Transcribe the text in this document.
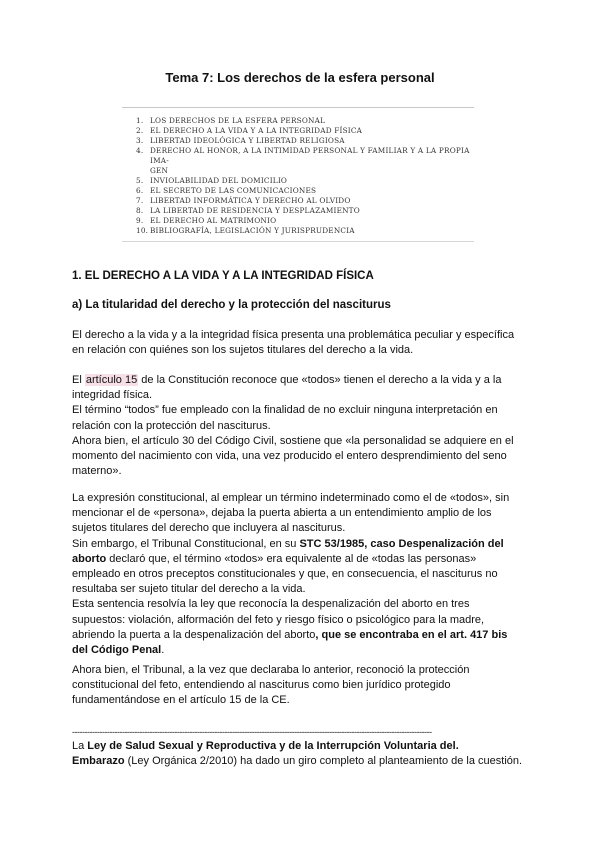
Tema 7: Los derechos de la esfera personal
1. LOS DERECHOS DE LA ESFERA PERSONAL
2. EL DERECHO A LA VIDA Y A LA INTEGRIDAD FÍSICA
3. LIBERTAD IDEOLÓGICA Y LIBERTAD RELIGIOSA
4. DERECHO AL HONOR, A LA INTIMIDAD PERSONAL Y FAMILIAR Y A LA PROPIA IMA-
GEN
5. INVIOLABILIDAD DEL DOMICILIO
6. EL SECRETO DE LAS COMUNICACIONES
7. LIBERTAD INFORMÁTICA Y DERECHO AL OLVIDO
8. LA LIBERTAD DE RESIDENCIA Y DESPLAZAMIENTO
9. EL DERECHO AL MATRIMONIO
10. BIBLIOGRAFÍA, LEGISLACIÓN Y JURISPRUDENCIA
1. EL DERECHO A LA VIDA Y A LA INTEGRIDAD FÍSICA
a) La titularidad del derecho y la protección del nasciturus
El derecho a la vida y a la integridad física presenta una problemática peculiar y específica
en relación con quiénes son los sujetos titulares del derecho a la vida.
El artículo 15 de la Constitución reconoce que «todos» tienen el derecho a la vida y a la
integridad física.
El término “todos” fue empleado con la finalidad de no excluir ninguna interpretación en
relación con la protección del nasciturus.
Ahora bien, el artículo 30 del Código Civil, sostiene que «la personalidad se adquiere en el
momento del nacimiento con vida, una vez producido el entero desprendimiento del seno
materno».
La expresión constitucional, al emplear un término indeterminado como el de «todos», sin
mencionar el de «persona», dejaba la puerta abierta a un entendimiento amplio de los
sujetos titulares del derecho que incluyera al nasciturus.
Sin embargo, el Tribunal Constitucional, en su STC 53/1985, caso Despenalización del
aborto declaró que, el término «todos» era equivalente al de «todas las personas»
empleado en otros preceptos constitucionales y que, en consecuencia, el nasciturus no
resultaba ser sujeto titular del derecho a la vida.
Esta sentencia resolvía la ley que reconocía la despenalización del aborto en tres
supuestos: violación, alformación del feto y riesgo físico o psicológico para la madre,
abriendo la puerta a la despenalización del aborto, que se encontraba en el art. 417 bis
del Código Penal.
Ahora bien, el Tribunal, a la vez que declaraba lo anterior, reconoció la protección
constitucional del feto, entendiendo al nasciturus como bien jurídico protegido
fundamentándose en el artículo 15 de la CE.
------------------------------------------------------------------------------------------------------------------------------------------------
La Ley de Salud Sexual y Reproductiva y de la Interrupción Voluntaria del.
Embarazo (Ley Orgánica 2/2010) ha dado un giro completo al planteamiento de la cuestión.
